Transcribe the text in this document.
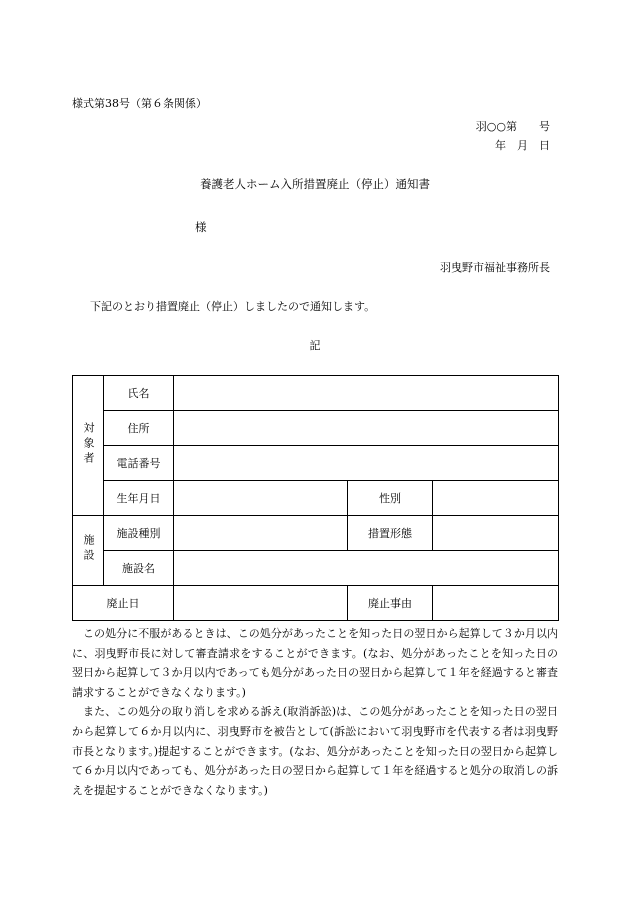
様式第38号（第６条関係）
羽○○第　　号
年　月　日
養護老人ホーム入所措置廃止（停止）通知書
様
羽曳野市福祉事務所長
下記のとおり措置廃止（停止）しましたので通知します。
記
対象者	氏名			
	住所			
	電話番号			
	生年月日		性別	
施設	施設種別		措置形態	
	施設名			
廃止日			廃止事由	

この処分に不服があるときは、この処分があったことを知った日の翌日から起算して３か月以内に、羽曳野市長に対して審査請求をすることができます。(なお、処分があったことを知った日の翌日から起算して３か月以内であっても処分があった日の翌日から起算して１年を経過すると審査請求することができなくなります。)

また、この処分の取り消しを求める訴え(取消訴訟)は、この処分があったことを知った日の翌日から起算して６か月以内に、羽曳野市を被告として(訴訟において羽曳野市を代表する者は羽曳野市長となります。)提起することができます。(なお、処分があったことを知った日の翌日から起算して６か月以内であっても、処分があった日の翌日から起算して１年を経過すると処分の取消しの訴えを提起することができなくなります。)
